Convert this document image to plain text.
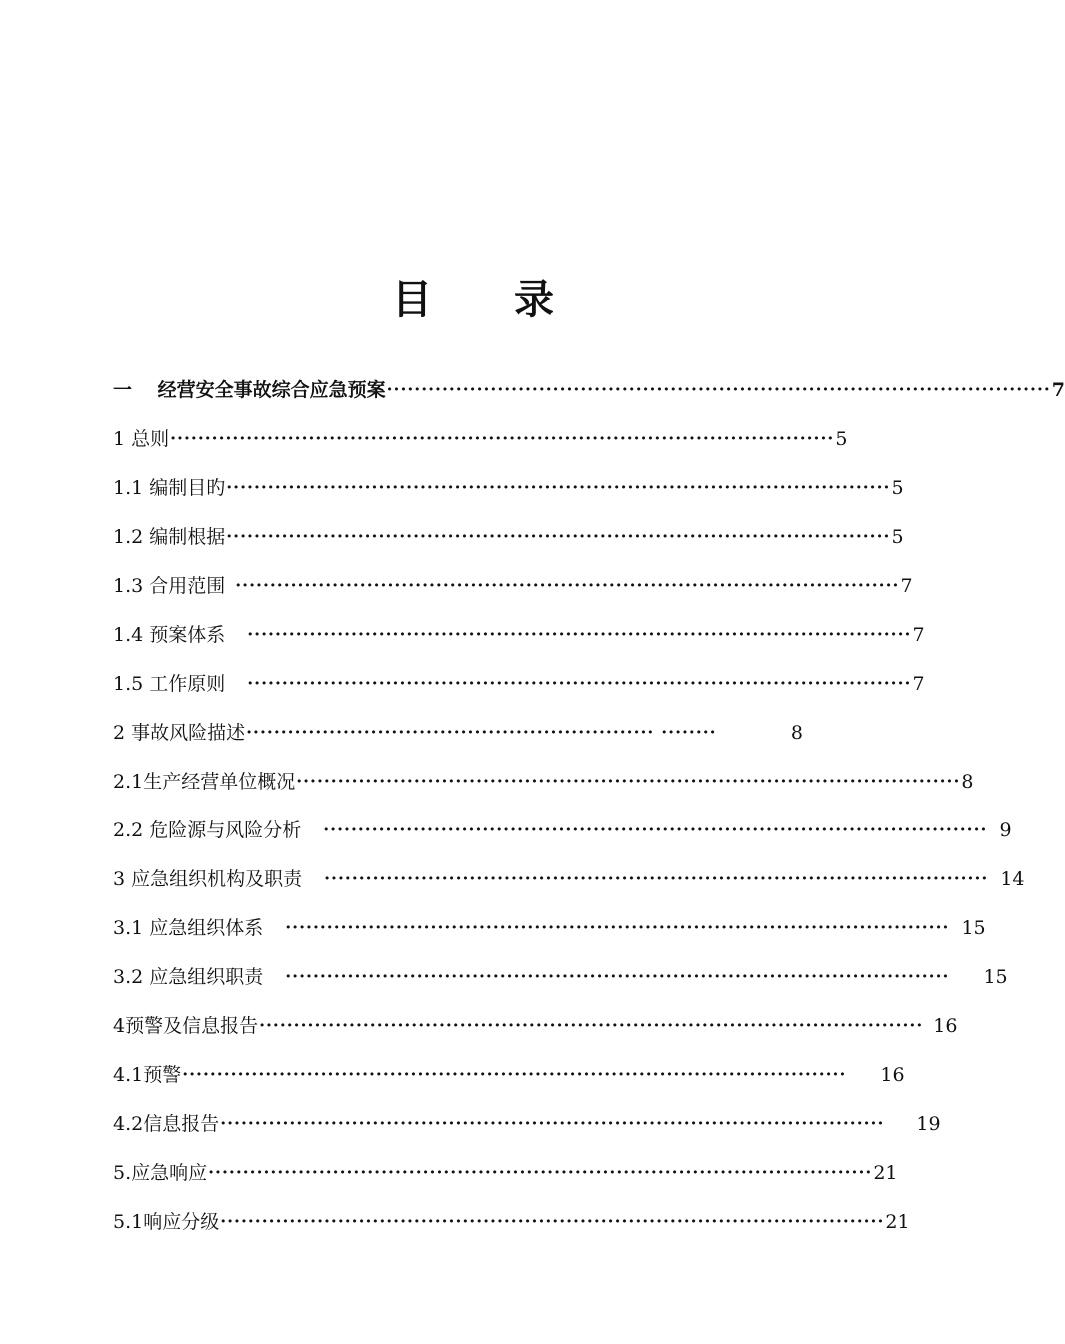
目 录
一　 经营安全事故综合应急预案 ································································································ 7
1 总则 ································································································ 5
1.1 编制目旳 ································································································ 5
1.2 编制根据 ································································································ 5
1.3 合用范围 ································································································ 7
1.4 预案体系 ································································································ 7
1.5 工作原则 ································································································ 7
2 事故风险描述 ··························································· ········	8
2.1生产经营单位概况 ································································································ 8
2.2 危险源与风险分析 ································································································ 9
3 应急组织机构及职责 ································································································ 14
3.1 应急组织体系 ································································································ 15
3.2 应急组织职责 ································································································ 15
4预警及信息报告 ································································································ 16
4.1预警 ································································································ 16
4.2信息报告 ································································································ 19
5.应急响应 ································································································ 21
5.1响应分级 ································································································ 21
